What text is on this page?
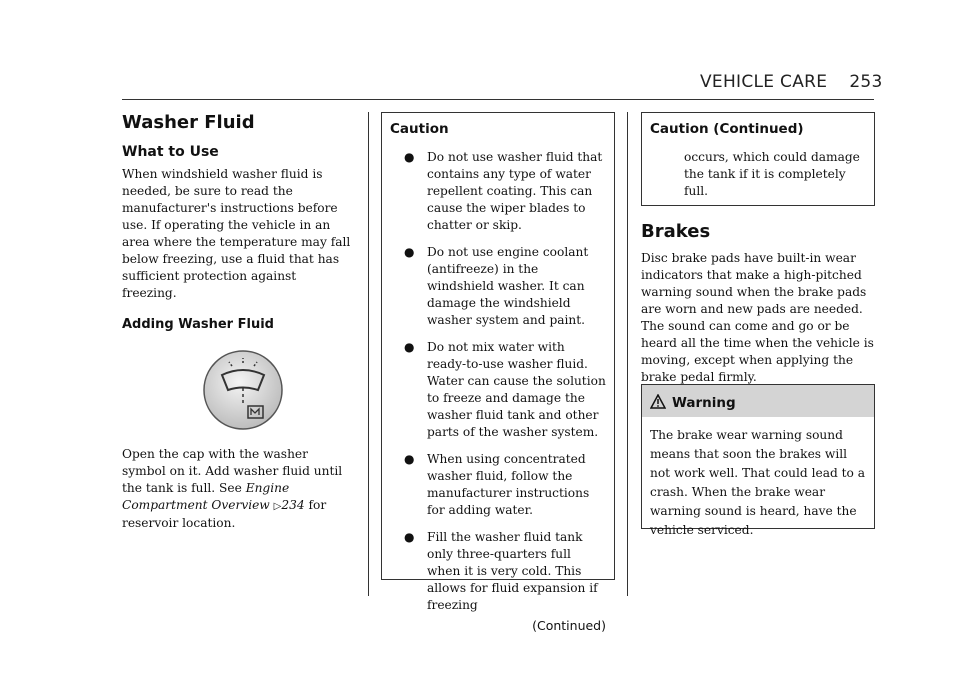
VEHICLE CARE 253
Washer Fluid
What to Use

When windshield washer fluid is needed, be sure to read the manufacturer's instructions before use. If operating the vehicle in an area where the temperature may fall below freezing, use a fluid that has sufficient protection against freezing.

Adding Washer Fluid

Open the cap with the washer symbol on it. Add washer fluid until the tank is full. See Engine Compartment Overview ▷234 for reservoir location.

Caution
● Do not use washer fluid that contains any type of water repellent coating. This can cause the wiper blades to chatter or skip.
● Do not use engine coolant (antifreeze) in the windshield washer. It can damage the windshield washer system and paint.
● Do not mix water with ready-to-use washer fluid. Water can cause the solution to freeze and damage the washer fluid tank and other parts of the washer system.
● When using concentrated washer fluid, follow the manufacturer instructions for adding water.
● Fill the washer fluid tank only three-quarters full when it is very cold. This allows for fluid expansion if freezing
(Continued)
Caution (Continued)

occurs, which could damage the tank if it is completely full.

Brakes

Disc brake pads have built-in wear indicators that make a high-pitched warning sound when the brake pads are worn and new pads are needed. The sound can come and go or be heard all the time when the vehicle is moving, except when applying the brake pedal firmly.

Warning

The brake wear warning sound means that soon the brakes will not work well. That could lead to a crash. When the brake wear warning sound is heard, have the vehicle serviced.
